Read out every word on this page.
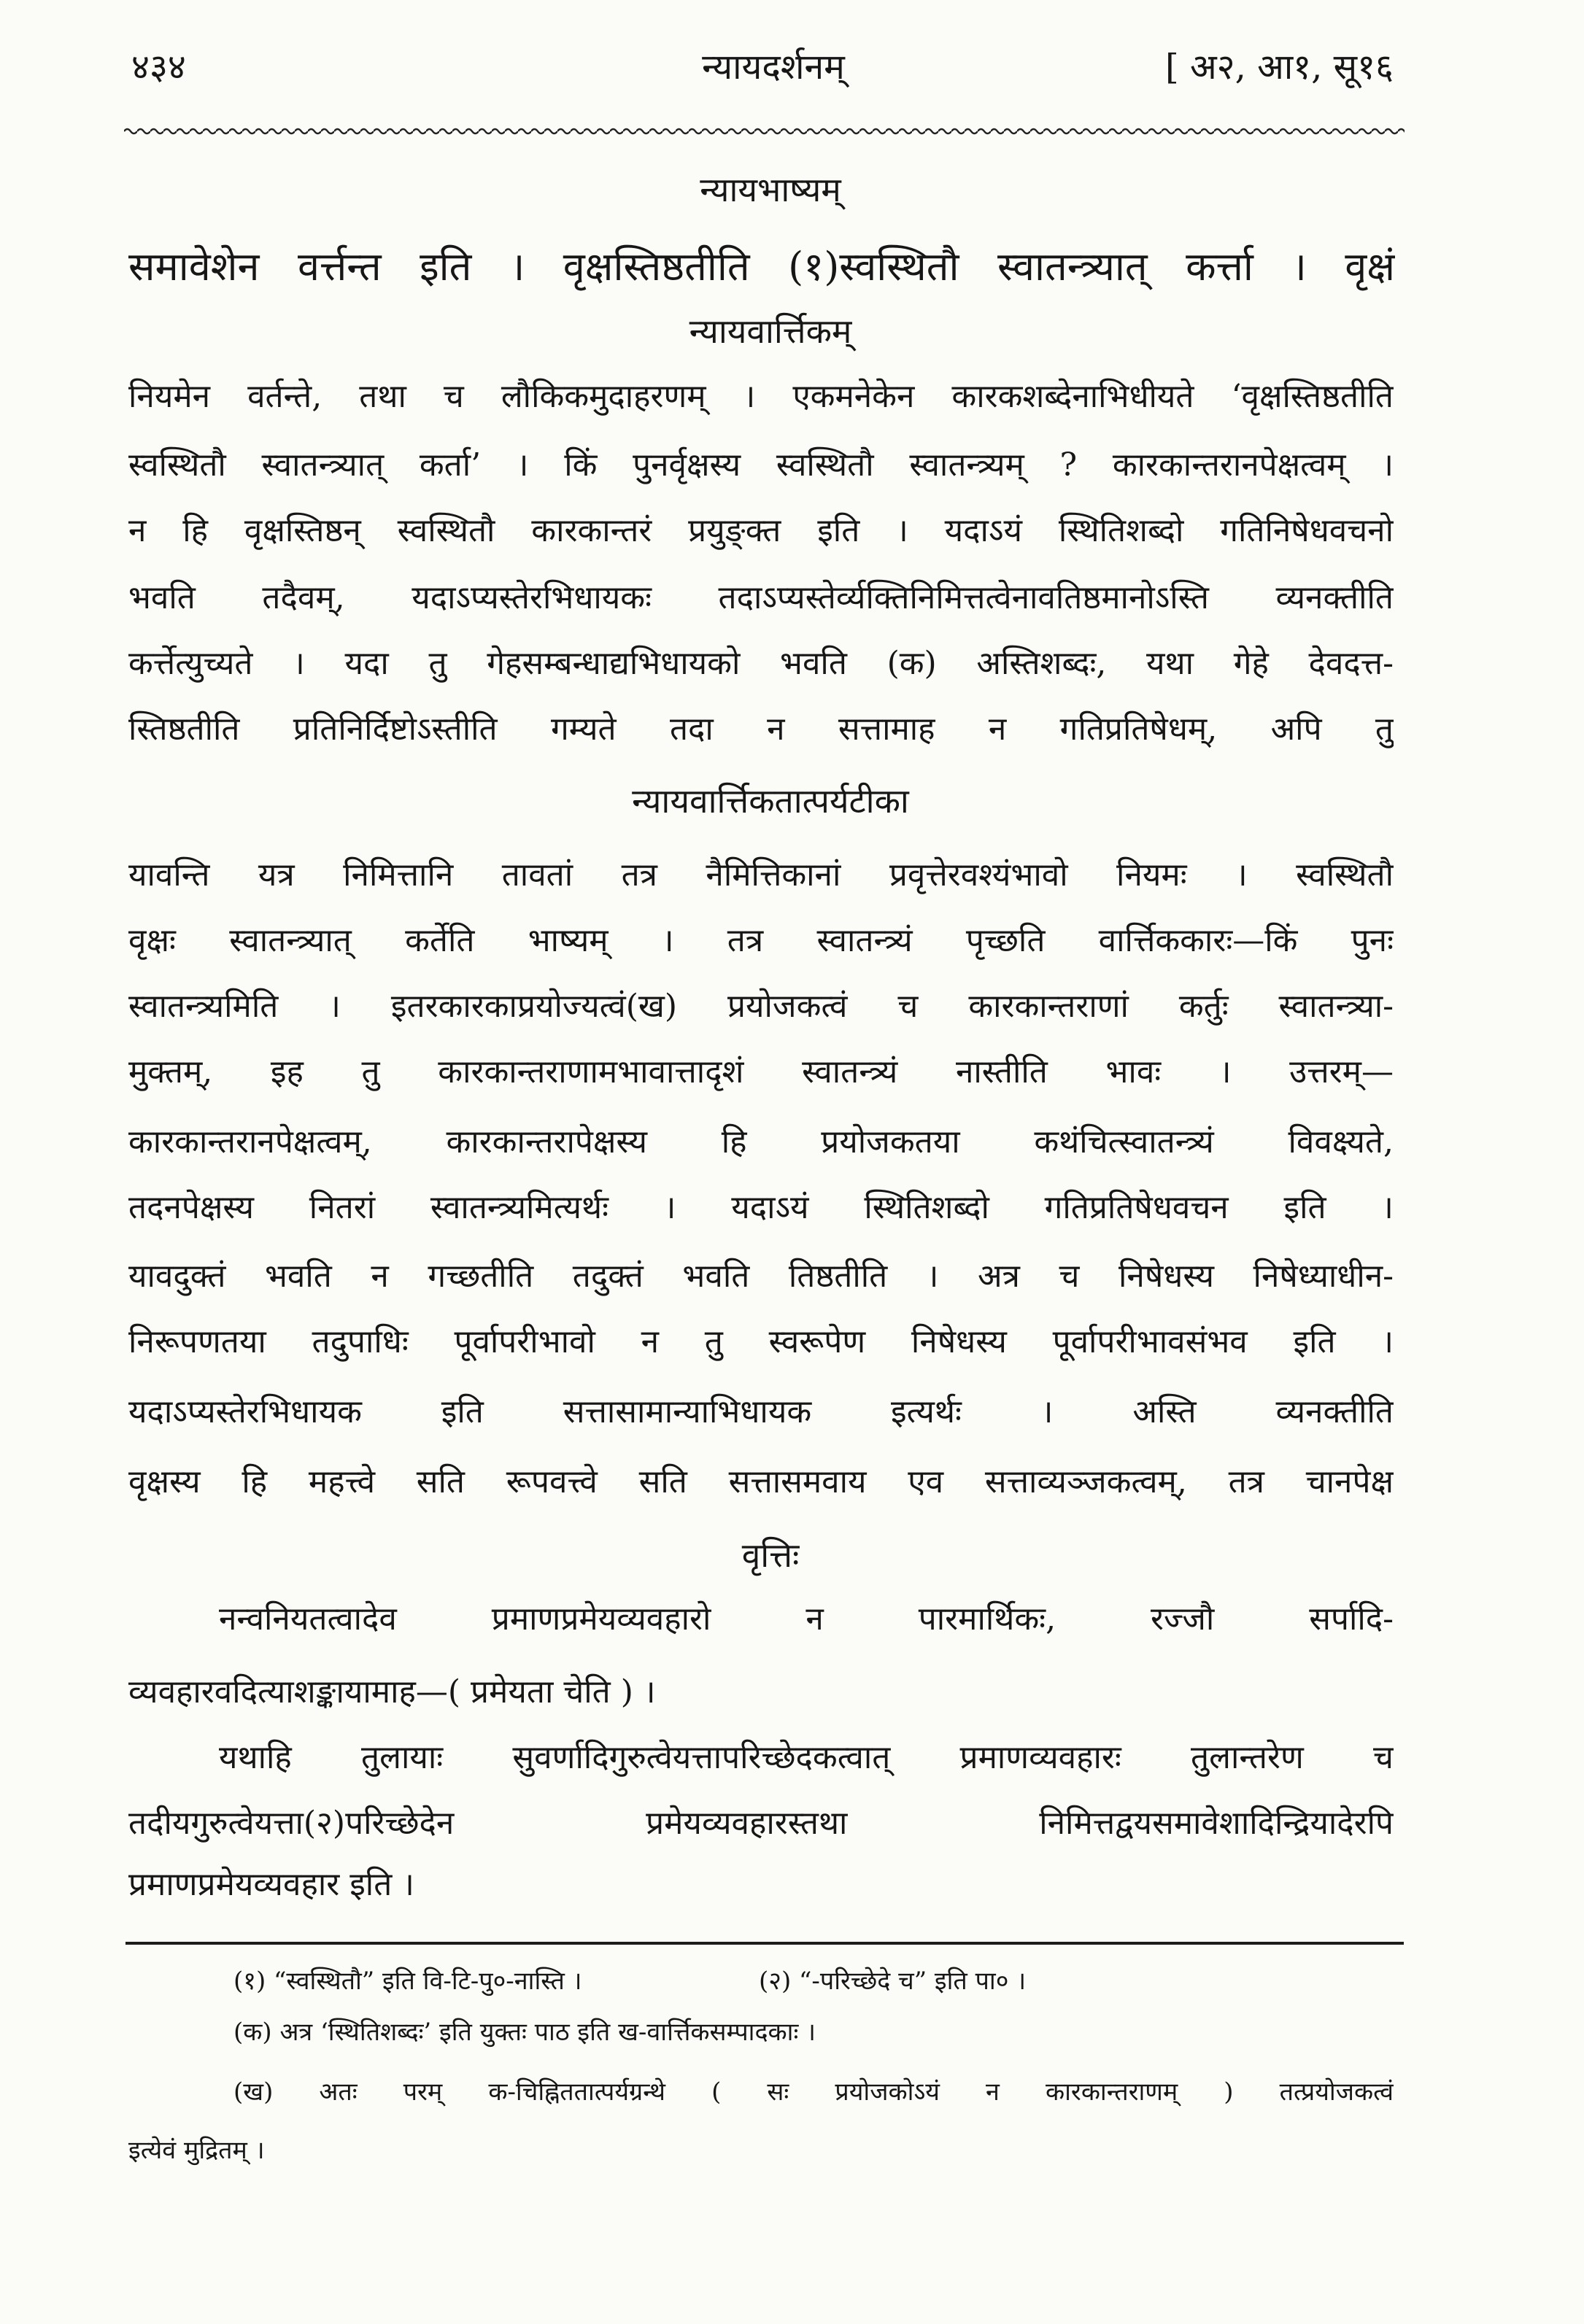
४३४	न्यायदर्शनम्	[ अ२, आ१, सू१६
न्यायभाष्यम्
समावेशेन वर्त्तन्त इति । वृक्षस्तिष्ठतीति (१)स्वस्थितौ स्वातन्त्र्यात् कर्त्ता । वृक्षं
न्यायवार्त्तिकम्
नियमेन वर्तन्ते, तथा च लौकिकमुदाहरणम् । एकमनेकेन कारकशब्देनाभिधीयते ‘वृक्षस्तिष्ठतीति
स्वस्थितौ स्वातन्त्र्यात् कर्ता’ । किं पुनर्वृक्षस्य स्वस्थितौ स्वातन्त्र्यम् ? कारकान्तरानपेक्षत्वम् ।
न हि वृक्षस्तिष्ठन् स्वस्थितौ कारकान्तरं प्रयुङ्क्त इति । यदाऽयं स्थितिशब्दो गतिनिषेधवचनो
भवति तदैवम्, यदाऽप्यस्तेरभिधायकः तदाऽप्यस्तेर्व्यक्तिनिमित्तत्वेनावतिष्ठमानोऽस्ति व्यनक्तीति
कर्त्तेत्युच्यते । यदा तु गेहसम्बन्धाद्यभिधायको भवति (क) अस्तिशब्दः, यथा गेहे देवदत्त-
स्तिष्ठतीति प्रतिनिर्दिष्टोऽस्तीति गम्यते तदा न सत्तामाह न गतिप्रतिषेधम्, अपि तु
न्यायवार्त्तिकतात्पर्यटीका
यावन्ति यत्र निमित्तानि तावतां तत्र नैमित्तिकानां प्रवृत्तेरवश्यंभावो नियमः । स्वस्थितौ
वृक्षः स्वातन्त्र्यात् कर्तेति भाष्यम् । तत्र स्वातन्त्र्यं पृच्छति वार्त्तिककारः—किं पुनः
स्वातन्त्र्यमिति । इतरकारकाप्रयोज्यत्वं(ख) प्रयोजकत्वं च कारकान्तराणां कर्तुः स्वातन्त्र्या-
मुक्तम्, इह तु कारकान्तराणामभावात्तादृशं स्वातन्त्र्यं नास्तीति भावः । उत्तरम्—
कारकान्तरानपेक्षत्वम्, कारकान्तरापेक्षस्य हि प्रयोजकतया कथंचित्स्वातन्त्र्यं विवक्ष्यते,
तदनपेक्षस्य नितरां स्वातन्त्र्यमित्यर्थः । यदाऽयं स्थितिशब्दो गतिप्रतिषेधवचन इति ।
यावदुक्तं भवति न गच्छतीति तदुक्तं भवति तिष्ठतीति । अत्र च निषेधस्य निषेध्याधीन-
निरूपणतया तदुपाधिः पूर्वापरीभावो न तु स्वरूपेण निषेधस्य पूर्वापरीभावसंभव इति ।
यदाऽप्यस्तेरभिधायक इति सत्तासामान्याभिधायक इत्यर्थः । अस्ति व्यनक्तीति
वृक्षस्य हि महत्त्वे सति रूपवत्त्वे सति सत्तासमवाय एव सत्ताव्यञ्जकत्वम्, तत्र चानपेक्ष
वृत्तिः
नन्वनियतत्वादेव प्रमाणप्रमेयव्यवहारो न पारमार्थिकः, रज्जौ सर्पादि-
व्यवहारवदित्याशङ्कायामाह—( प्रमेयता चेति ) ।
यथाहि तुलायाः सुवर्णादिगुरुत्वेयत्तापरिच्छेदकत्वात् प्रमाणव्यवहारः तुलान्तरेण च
तदीयगुरुत्वेयत्ता(२)परिच्छेदेन प्रमेयव्यवहारस्तथा निमित्तद्वयसमावेशादिन्द्रियादेरपि
प्रमाणप्रमेयव्यवहार इति ।
(१) “स्वस्थितौ” इति वि-टि-पु०-नास्ति ।	(२) “-परिच्छेदे च” इति पा० ।
(क) अत्र ‘स्थितिशब्दः’ इति युक्तः पाठ इति ख-वार्त्तिकसम्पादकाः ।
(ख) अतः परम् क-चिह्निततात्पर्यग्रन्थे ( सः प्रयोजकोऽयं न कारकान्तराणम् ) तत्प्रयोजकत्वं
इत्येवं मुद्रितम् ।
